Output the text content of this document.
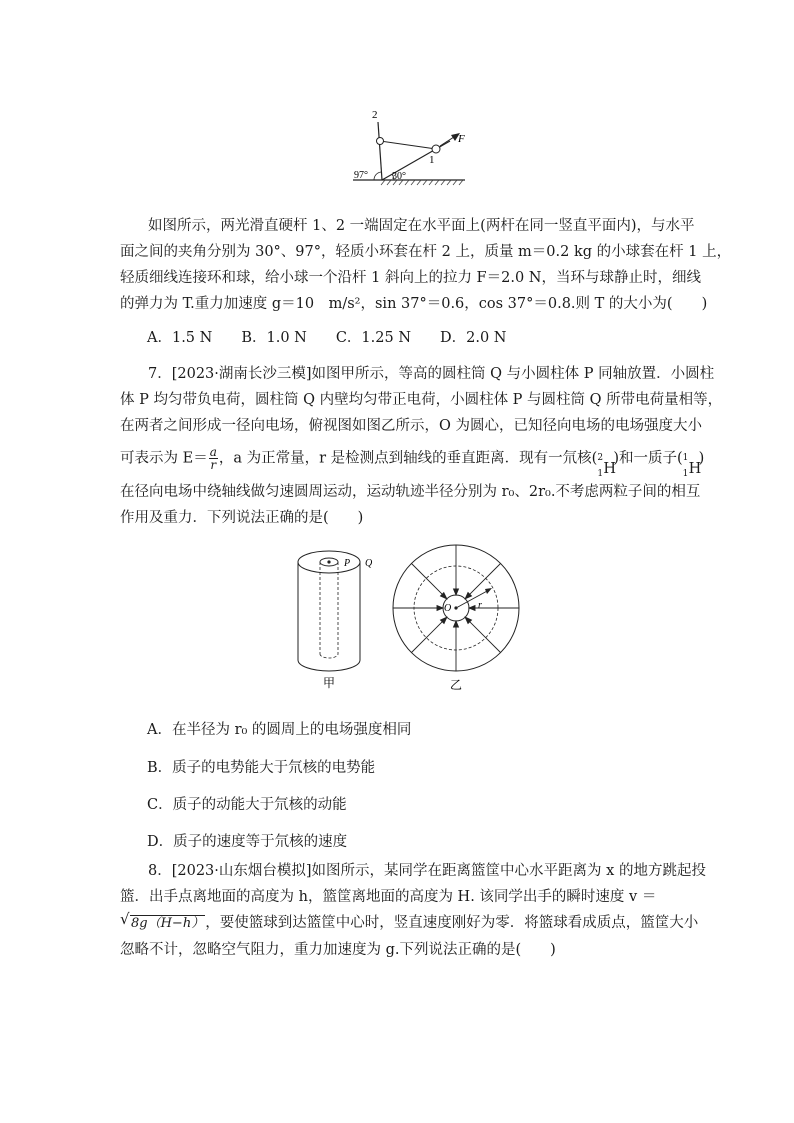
2
1
F
97° 30°
如图所示，两光滑直硬杆 1、2 一端固定在水平面上(两杆在同一竖直平面内)，与水平
面之间的夹角分别为 30°、97°，轻质小环套在杆 2 上，质量 m＝0.2 kg 的小球套在杆 1 上，
轻质细线连接环和球，给小球一个沿杆 1 斜向上的拉力 F＝2.0 N，当环与球静止时，细线
的弹力为 T.重力加速度 g＝10　m/s²，sin 37°＝0.6，cos 37°＝0.8.则 T 的大小为(　　)
A．1.5 N　　B．1.0 N　　C．1.25 N　　D．2.0 N
7．[2023·湖南长沙三模]如图甲所示，等高的圆柱筒 Q 与小圆柱体 P 同轴放置．小圆柱
体 P 均匀带负电荷，圆柱筒 Q 内壁均匀带正电荷，小圆柱体 P 与圆柱筒 Q 所带电荷量相等，
在两者之间形成一径向电场，俯视图如图乙所示，O 为圆心，已知径向电场的电场强度大小
可表示为 $E= \frac{a}{r}$ ，a 为正常量，r 是检测点到轴线的垂直距离．现有一氘核( 2
1 H
)和一质子( 1
1 H
)
在径向电场中绕轴线做匀速圆周运动，运动轨迹半径分别为 r₀、2r₀.不考虑两粒子间的相互
作用及重力．下列说法正确的是(　　)
P Q
甲
O	r
乙
A．在半径为 r₀ 的圆周上的电场强度相同
B．质子的电势能大于氘核的电势能
C．质子的动能大于氘核的动能
D．质子的速度等于氘核的速度
8．[2023·山东烟台模拟]如图所示，某同学在距离篮筐中心水平距离为 x 的地方跳起投
篮．出手点离地面的高度为 h，篮筐离地面的高度为 H. 该同学出手的瞬时速度 v ＝
√ 8g（H−h），要使篮球到达篮筐中心时，竖直速度刚好为零．将篮球看成质点，篮筐大小
忽略不计，忽略空气阻力，重力加速度为 g.下列说法正确的是(　　)
